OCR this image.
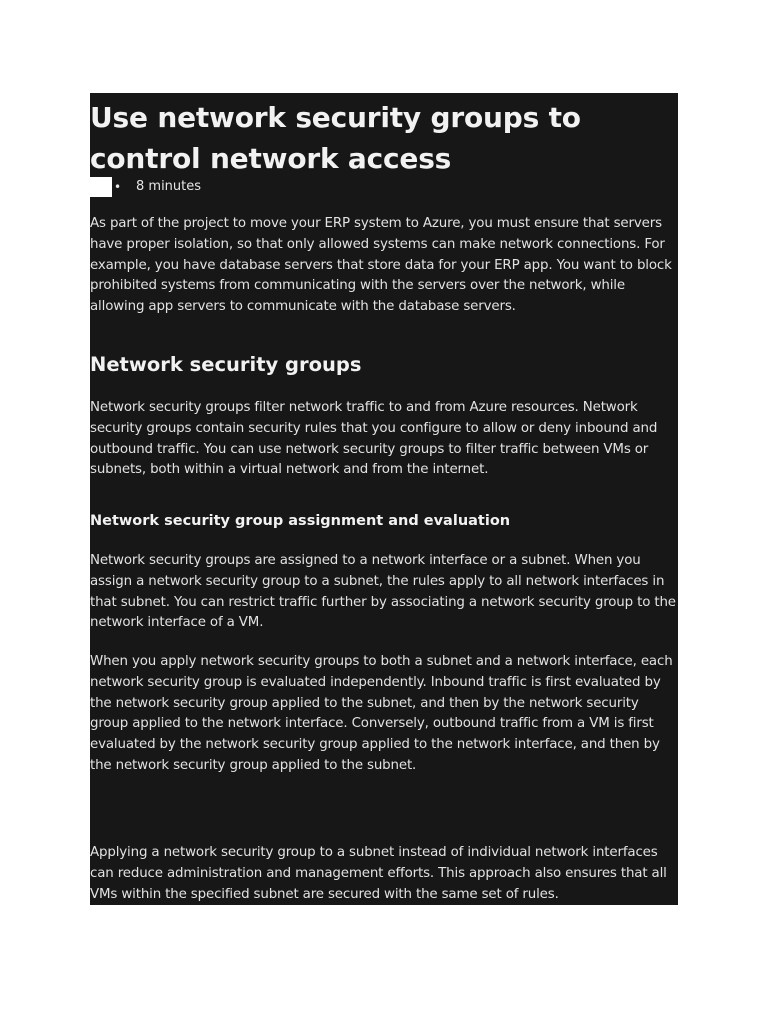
Use network security groups to control network access
• 8 minutes

As part of the project to move your ERP system to Azure, you must ensure that servers have proper isolation, so that only allowed systems can make network connections. For example, you have database servers that store data for your ERP app. You want to block prohibited systems from communicating with the servers over the network, while allowing app servers to communicate with the database servers.

Network security groups

Network security groups filter network traffic to and from Azure resources. Network security groups contain security rules that you configure to allow or deny inbound and outbound traffic. You can use network security groups to filter traffic between VMs or subnets, both within a virtual network and from the internet.

Network security group assignment and evaluation

Network security groups are assigned to a network interface or a subnet. When you assign a network security group to a subnet, the rules apply to all network interfaces in that subnet. You can restrict traffic further by associating a network security group to the network interface of a VM.

When you apply network security groups to both a subnet and a network interface, each network security group is evaluated independently. Inbound traffic is first evaluated by the network security group applied to the subnet, and then by the network security group applied to the network interface. Conversely, outbound traffic from a VM is first evaluated by the network security group applied to the network interface, and then by the network security group applied to the subnet.

Applying a network security group to a subnet instead of individual network interfaces can reduce administration and management efforts. This approach also ensures that all VMs within the specified subnet are secured with the same set of rules.
